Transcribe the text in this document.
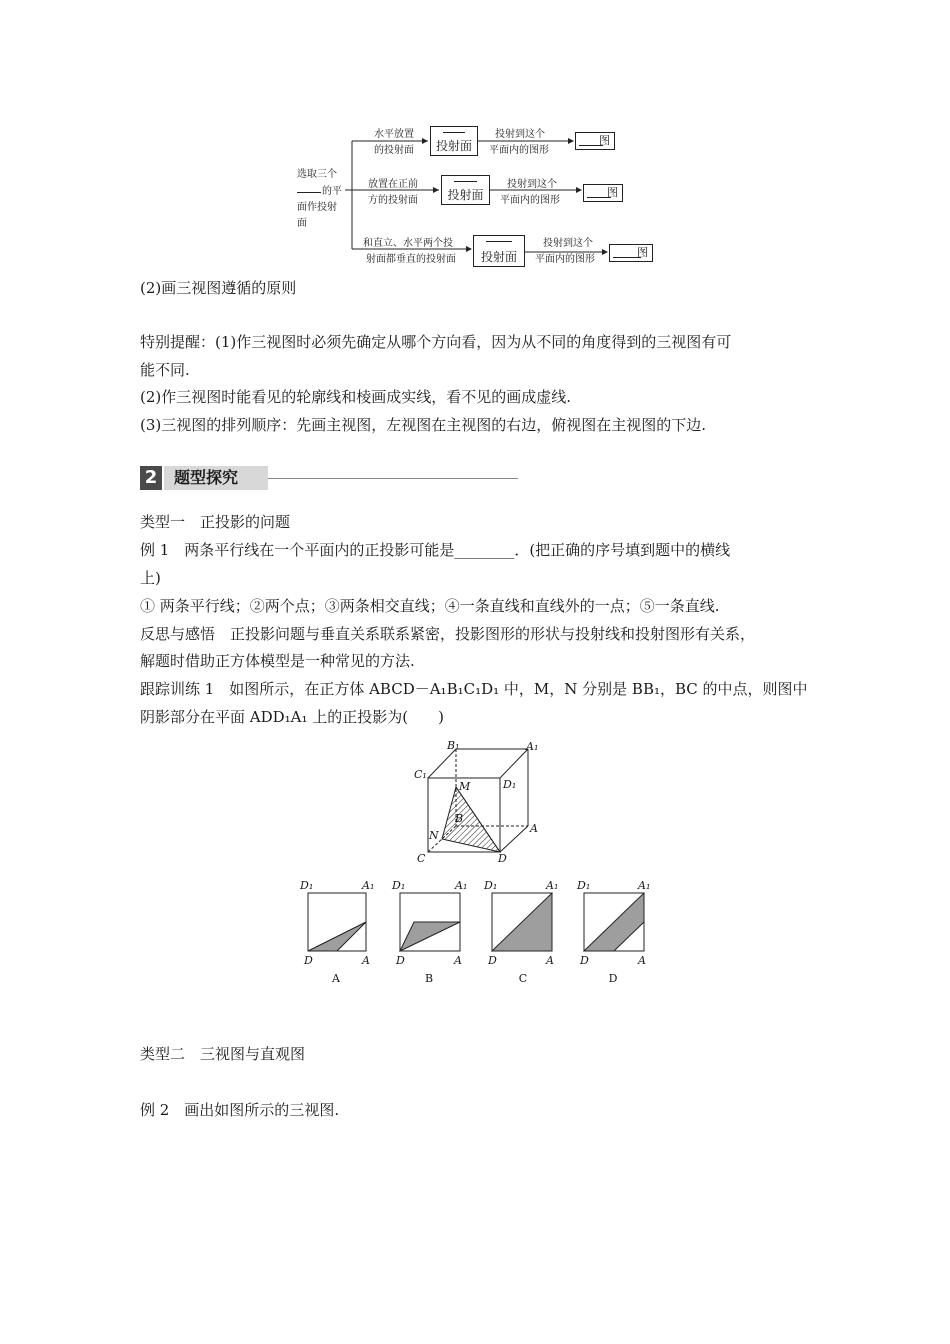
选取三个
的平
面作投射
面
水平放置
的投射面	投射面
投射到这个
平面内的图形
图
放置在正前
方的投射面	投射面
投射到这个
平面内的图形
图
和直立、水平两个投
射面都垂直的投射面	投射面
投射到这个
平面内的图形
图
(2)画三视图遵循的原则
特别提醒：(1)作三视图时必须先确定从哪个方向看，因为从不同的角度得到的三视图有可
能不同.
(2)作三视图时能看见的轮廓线和棱画成实线，看不见的画成虚线.
(3)三视图的排列顺序：先画主视图，左视图在主视图的右边，俯视图在主视图的下边.
2	题型探究
类型一　正投影的问题
例 1　两条平行线在一个平面内的正投影可能是________．(把正确的序号填到题中的横线
上)
① 两条平行线；②两个点；③两条相交直线；④一条直线和直线外的一点；⑤一条直线.
反思与感悟　正投影问题与垂直关系联系紧密，投影图形的形状与投射线和投射图形有关系，
解题时借助正方体模型是一种常见的方法.
跟踪训练 1　如图所示，在正方体 ABCD－A₁B₁C₁D₁ 中，M，N 分别是 BB₁，BC 的中点，则图中
阴影部分在平面 ADD₁A₁ 上的正投影为(　　)
B₁	A₁
C₁
D₁
M
B
N
A
C	D
D₁	A₁
D	A
A
D₁	A₁
D	A
B
D₁	A₁
D	A
C
D₁	A₁
D	A
D
类型二　三视图与直观图
例 2　画出如图所示的三视图.
